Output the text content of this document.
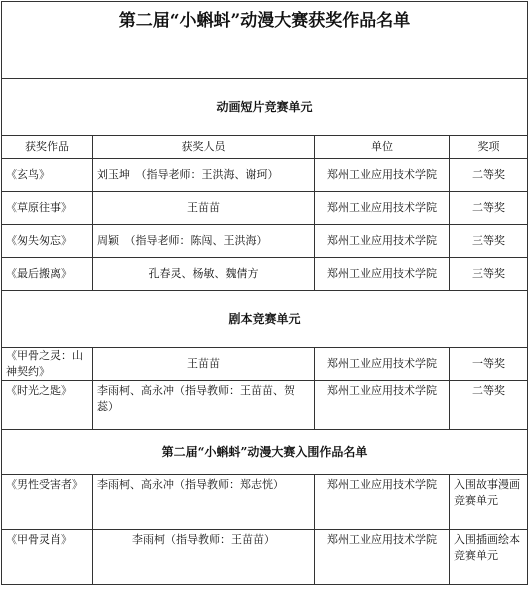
第二届“小蝌蚪”动漫大赛获奖作品名单			
动画短片竞赛单元			
获奖作品	获奖人员	单位	奖项
《玄鸟》	刘玉坤　（指导老师：王洪海、谢珂）	郑州工业应用技术学院	二等奖
《草原往事》	王苗苗	郑州工业应用技术学院	二等奖
《匆失匆忘》	周颖　（指导老师：陈闯、王洪海）	郑州工业应用技术学院	三等奖
《最后搬离》	孔春灵、杨敏、魏倩方	郑州工业应用技术学院	三等奖
剧本竞赛单元			
《甲骨之灵：山神契约》	王苗苗	郑州工业应用技术学院	一等奖
《时光之匙》	李雨柯、高永冲（指导教师：王苗苗、贺蕊）	郑州工业应用技术学院	二等奖
第二届“小蝌蚪”动漫大赛入围作品名单			
《男性受害者》	李雨柯、高永冲（指导教师：郑志恍）	郑州工业应用技术学院	入围故事漫画竞赛单元
《甲骨灵肖》	李雨柯（指导教师：王苗苗）	郑州工业应用技术学院	入围插画绘本竞赛单元
